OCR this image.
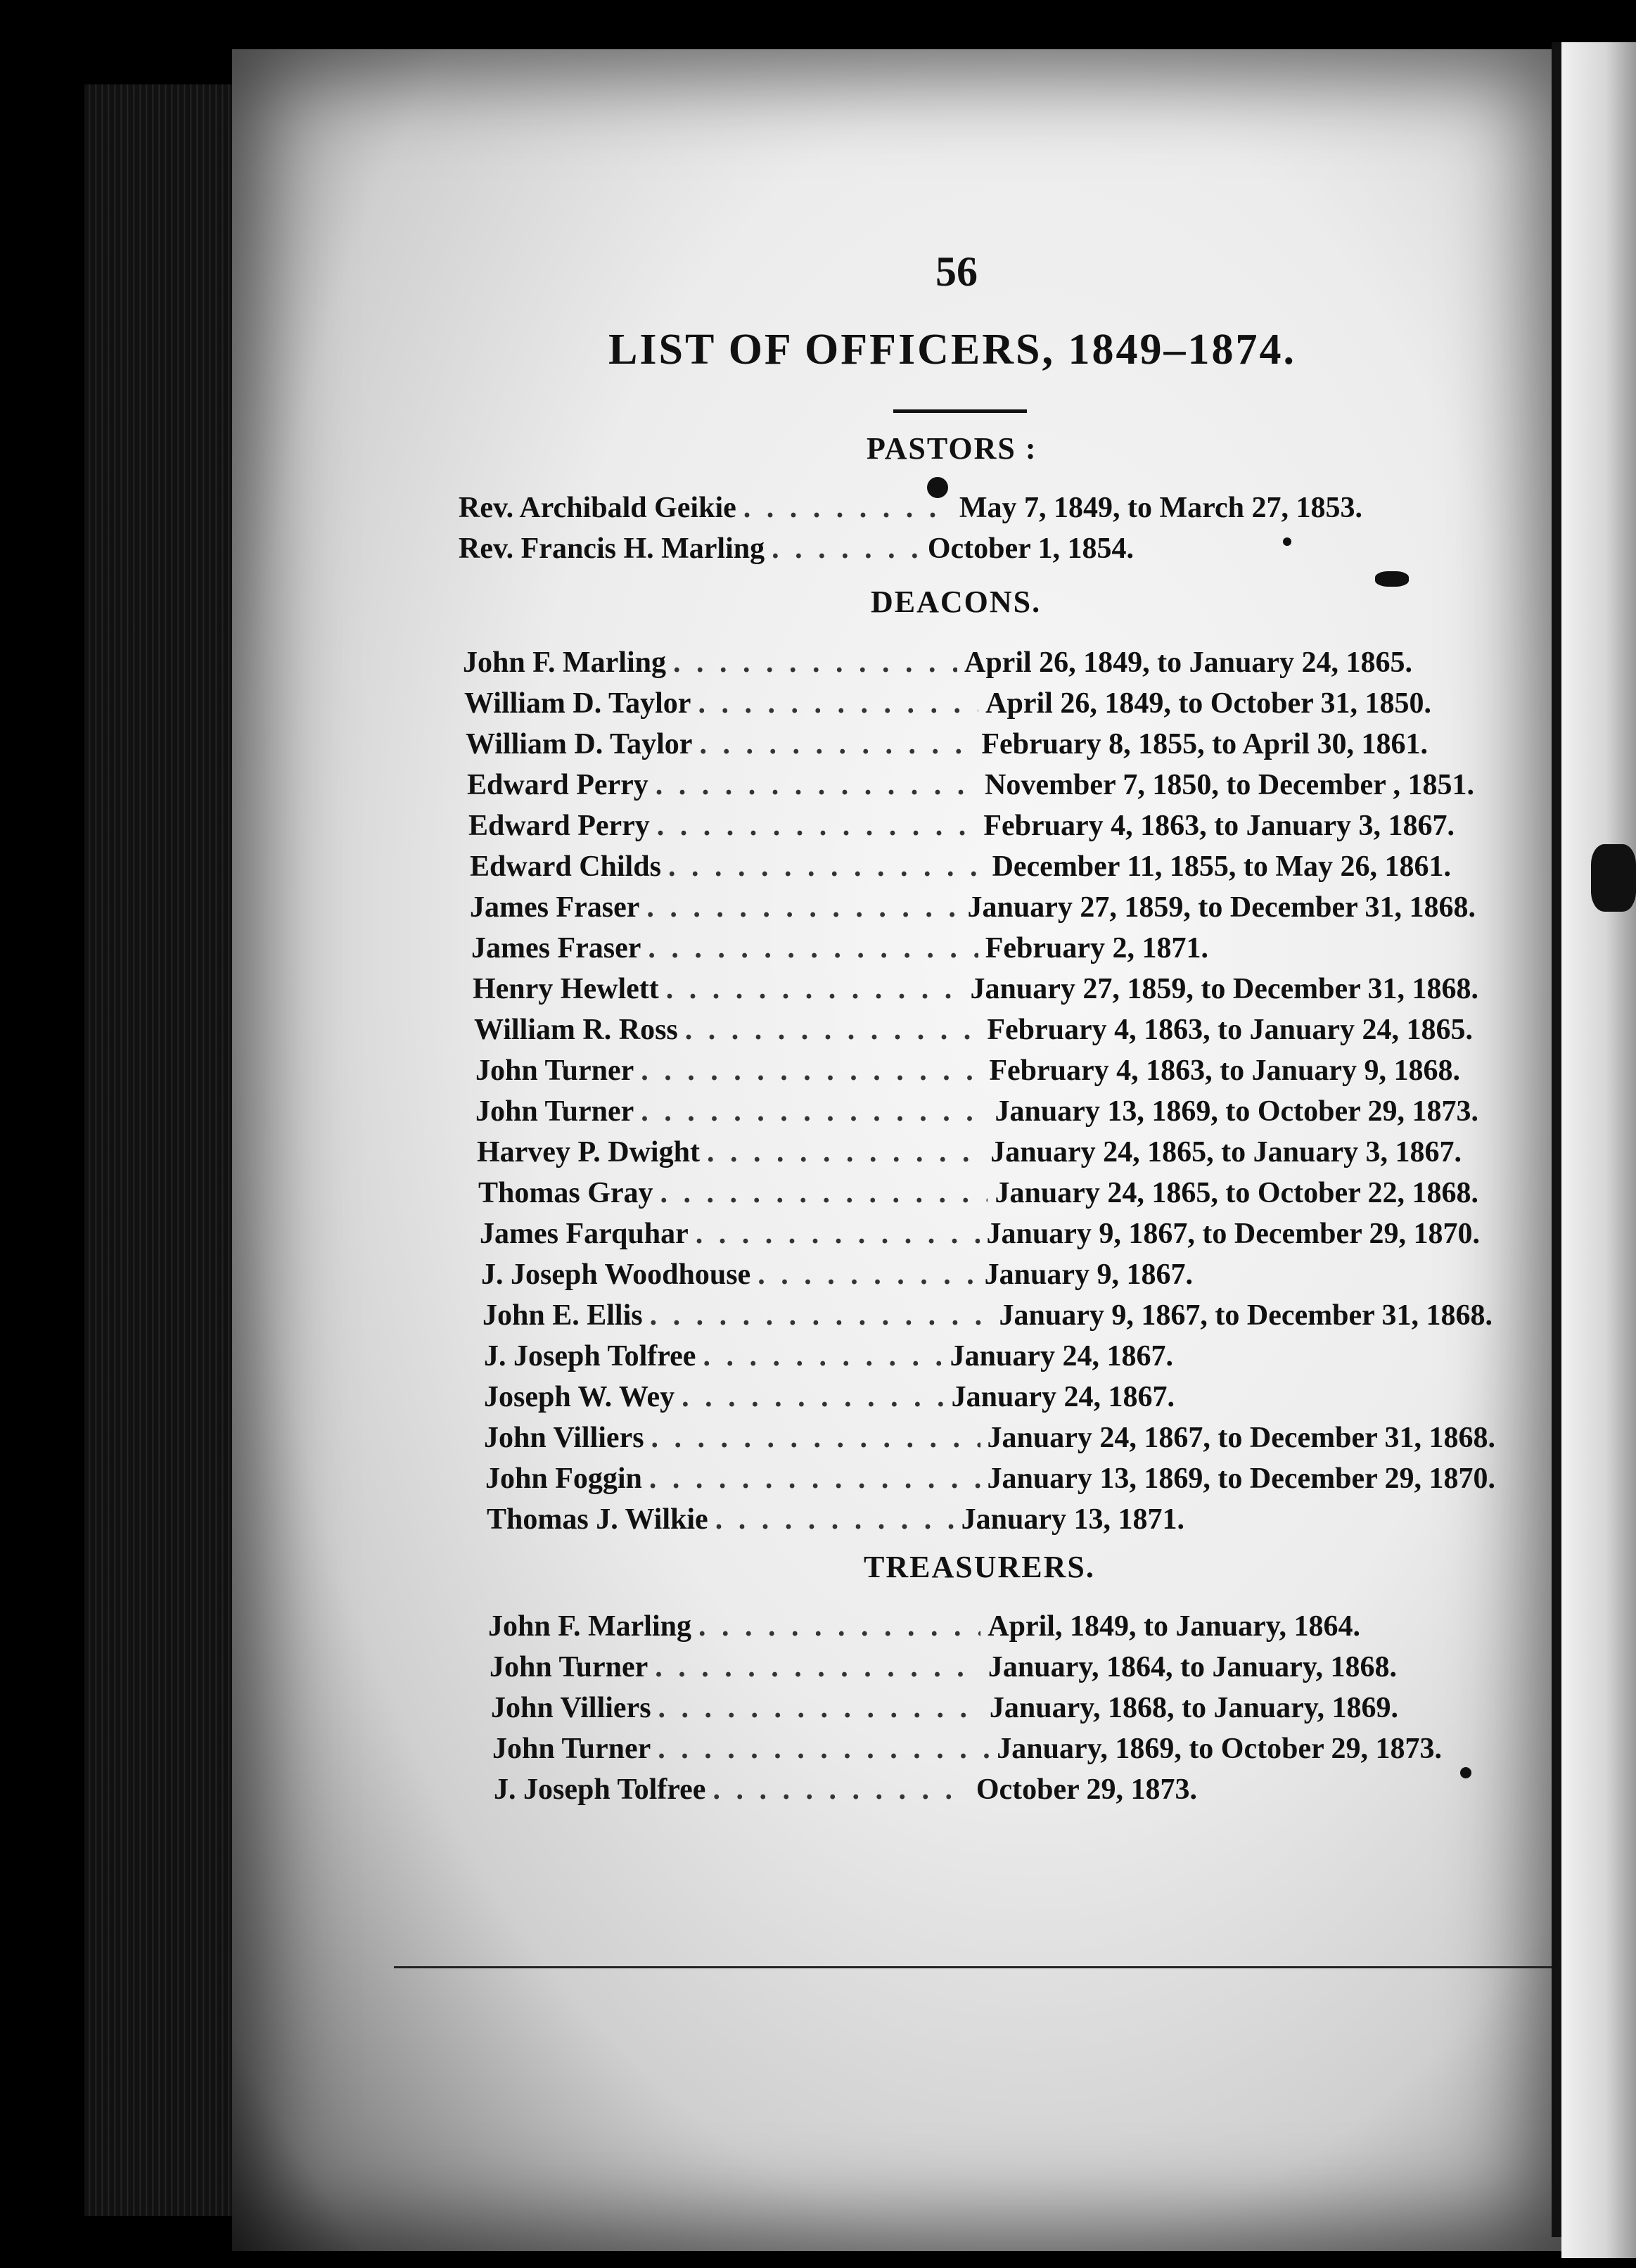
56
LIST OF OFFICERS, 1849–1874.
PASTORS :
DEACONS.
TREASURERS.
Rev. Archibald Geikie . . .	May 7, 1849, to March 27, 1853.
Rev. Francis H. Marling . . .	October 1, 1854.
John F. Marling . . .	April 26, 1849, to January 24, 1865.
William D. Taylor . . .	April 26, 1849, to October 31, 1850.
William D. Taylor . . .	February 8, 1855, to April 30, 1861.
Edward Perry . . .	November 7, 1850, to December , 1851.
Edward Perry . . .	February 4, 1863, to January 3, 1867.
Edward Childs . . .	December 11, 1855, to May 26, 1861.
James Fraser . . .	January 27, 1859, to December 31, 1868.
James Fraser . . .	February 2, 1871.
Henry Hewlett . . .	January 27, 1859, to December 31, 1868.
William R. Ross . . .	February 4, 1863, to January 24, 1865.
John Turner . . .	February 4, 1863, to January 9, 1868.
John Turner . . .	January 13, 1869, to October 29, 1873.
Harvey P. Dwight . . .	January 24, 1865, to January 3, 1867.
Thomas Gray . . .	January 24, 1865, to October 22, 1868.
James Farquhar . . .	January 9, 1867, to December 29, 1870.
J. Joseph Woodhouse . . .	January 9, 1867.
John E. Ellis . . .	January 9, 1867, to December 31, 1868.
J. Joseph Tolfree . . .	January 24, 1867.
Joseph W. Wey . . .	January 24, 1867.
John Villiers . . .	January 24, 1867, to December 31, 1868.
John Foggin . . .	January 13, 1869, to December 29, 1870.
Thomas J. Wilkie . . .	January 13, 1871.
John F. Marling . . .	April, 1849, to January, 1864.
John Turner . . .	January, 1864, to January, 1868.
John Villiers . . .	January, 1868, to January, 1869.
John Turner . . .	January, 1869, to October 29, 1873.
J. Joseph Tolfree . . .	October 29, 1873.
